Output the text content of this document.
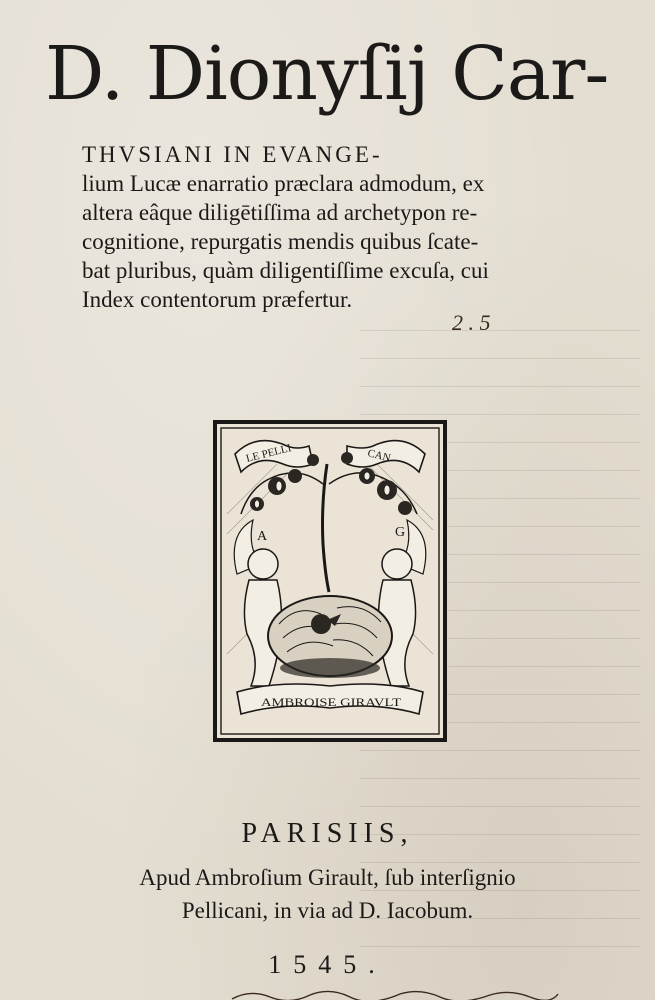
D. Dionyſij Car-
THVSIANI IN EVANGE-
lium Lucæ enarratio præclara admodum, ex
altera eâque diligētiſſima ad archetypon re-
cognitione, repurgatis mendis quibus ſcate-
bat pluribus, quàm diligentiſſime excuſa, cui
Index contentorum præfertur.
2 . 5
LE PELLI	CAN
A	G
AMBROISE GIRAVLT
PARISIIS,
Apud Ambroſium Girault, ſub interſignio
Pellicani, in via ad D. Iacobum.
1545.
